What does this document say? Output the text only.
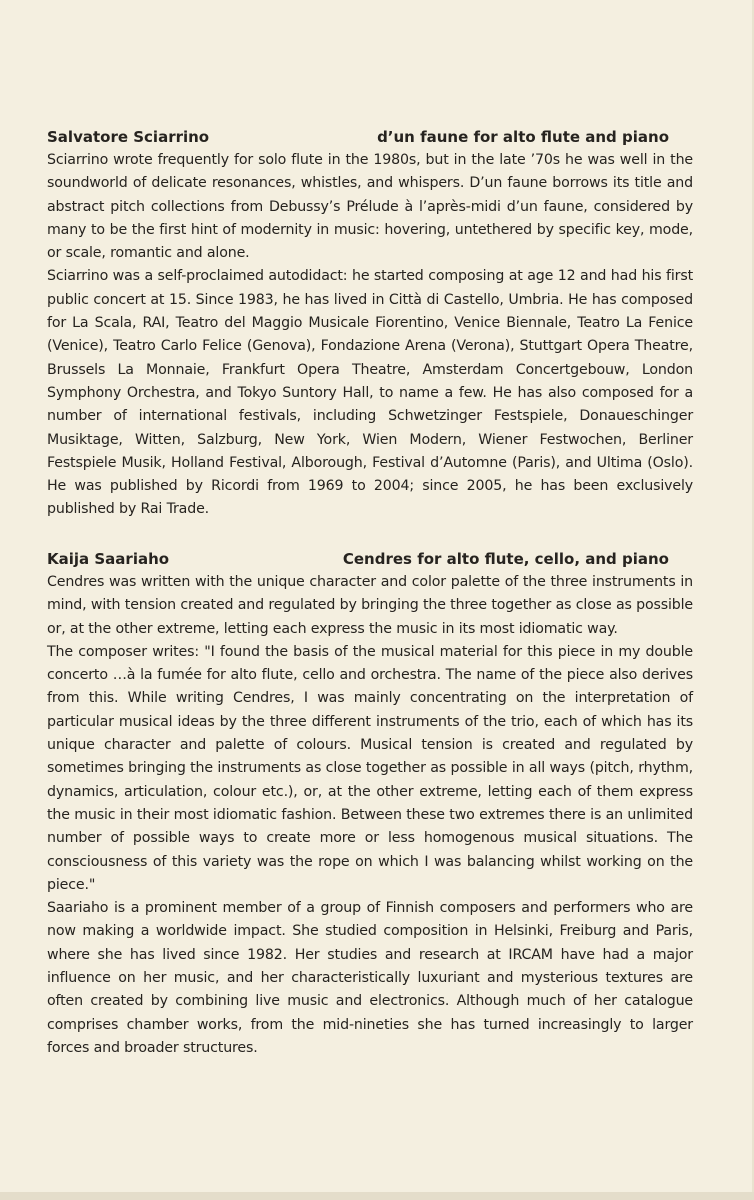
Salvatore Sciarrino	d’un faune for alto flute and piano

Sciarrino wrote frequently for solo flute in the 1980s, but in the late ’70s he was well in the soundworld of delicate resonances, whistles, and whispers. D’un faune borrows its title and abstract pitch collections from Debussy’s Prélude à l’après-midi d’un faune, considered by many to be the first hint of modernity in music: hovering, untethered by specific key, mode, or scale, romantic and alone.

Sciarrino was a self-proclaimed autodidact: he started composing at age 12 and had his first public concert at 15. Since 1983, he has lived in Città di Castello, Umbria. He has composed for La Scala, RAI, Teatro del Maggio Musicale Fiorentino, Venice Biennale, Teatro La Fenice (Venice), Teatro Carlo Felice (Genova), Fondazione Arena (Verona), Stuttgart Opera Theatre, Brussels La Monnaie, Frankfurt Opera Theatre, Amsterdam Concertgebouw, London Symphony Orchestra, and Tokyo Suntory Hall, to name a few. He has also composed for a number of international festivals, including Schwetzinger Festspiele, Donaueschinger Musiktage, Witten, Salzburg, New York, Wien Modern, Wiener Festwochen, Berliner Festspiele Musik, Holland Festival, Alborough, Festival d’Automne (Paris), and Ultima (Oslo). He was published by Ricordi from 1969 to 2004; since 2005, he has been exclusively published by Rai Trade.

Kaija Saariaho	Cendres for alto flute, cello, and piano

Cendres was written with the unique character and color palette of the three instruments in mind, with tension created and regulated by bringing the three together as close as possible or, at the other extreme, letting each express the music in its most idiomatic way.

The composer writes: "I found the basis of the musical material for this piece in my double concerto …à la fumée for alto flute, cello and orchestra. The name of the piece also derives from this. While writing Cendres, I was mainly concentrating on the interpretation of particular musical ideas by the three different instruments of the trio, each of which has its unique character and palette of colours. Musical tension is created and regulated by sometimes bringing the instruments as close together as possible in all ways (pitch, rhythm, dynamics, articulation, colour etc.), or, at the other extreme, letting each of them express the music in their most idiomatic fashion. Between these two extremes there is an unlimited number of possible ways to create more or less homogenous musical situations. The consciousness of this variety was the rope on which I was balancing whilst working on the piece."

Saariaho is a prominent member of a group of Finnish composers and performers who are now making a worldwide impact. She studied composition in Helsinki, Freiburg and Paris, where she has lived since 1982. Her studies and research at IRCAM have had a major influence on her music, and her characteristically luxuriant and mysterious textures are often created by combining live music and electronics. Although much of her catalogue comprises chamber works, from the mid-nineties she has turned increasingly to larger forces and broader structures.
